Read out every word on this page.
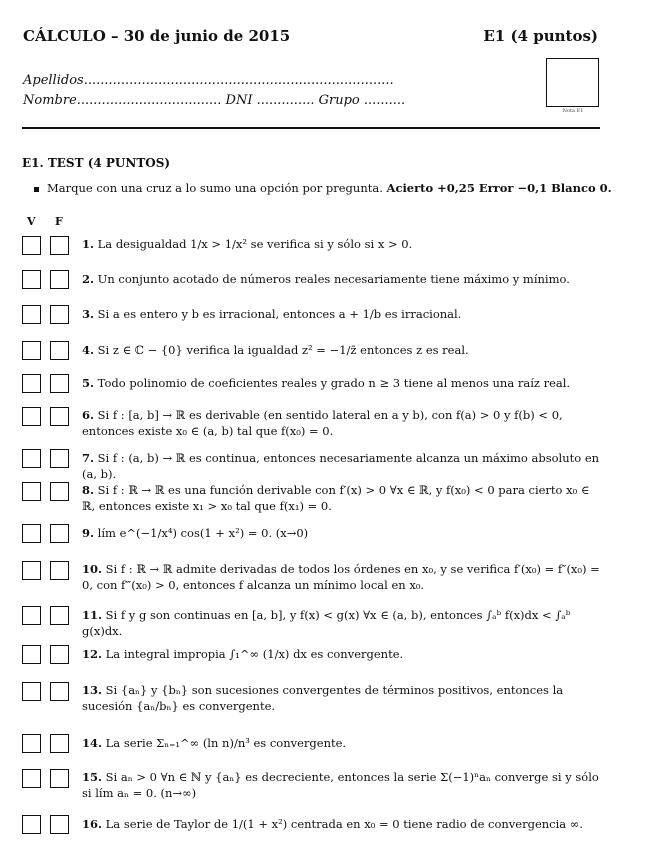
CÁLCULO – 30 de junio de 2015	E1 (4 puntos)
Apellidos...........................................................................
Nombre................................... DNI .............. Grupo ..........
Nota E1
E1. TEST (4 PUNTOS)
Marque con una cruz a lo sumo una opción por pregunta. Acierto +0,25 Error −0,1 Blanco 0.
V F
1. La desigualdad 1/x > 1/x² se verifica si y sólo si x > 0.
2. Un conjunto acotado de números reales necesariamente tiene máximo y mínimo.
3. Si a es entero y b es irracional, entonces a + 1/b es irracional.
4. Si z ∈ ℂ − {0} verifica la igualdad z² = −1/z̄ entonces z es real.
5. Todo polinomio de coeficientes reales y grado n ≥ 3 tiene al menos una raíz real.
6. Si f : [a, b] → ℝ es derivable (en sentido lateral en a y b), con f(a) > 0 y f(b) < 0, entonces existe x₀ ∈ (a, b) tal que f(x₀) = 0.
7. Si f : (a, b) → ℝ es continua, entonces necesariamente alcanza un máximo absoluto en (a, b).
8. Si f : ℝ → ℝ es una función derivable con f′(x) > 0 ∀x ∈ ℝ, y f(x₀) < 0 para cierto x₀ ∈ ℝ, entonces existe x₁ > x₀ tal que f(x₁) = 0.
9. lím e^(−1/x⁴) cos(1 + x²) = 0. (x→0)
10. Si f : ℝ → ℝ admite derivadas de todos los órdenes en x₀, y se verifica f′(x₀) = f″(x₀) = 0, con f‴(x₀) > 0, entonces f alcanza un mínimo local en x₀.
11. Si f y g son continuas en [a, b], y f(x) < g(x) ∀x ∈ (a, b), entonces ∫ₐᵇ f(x)dx < ∫ₐᵇ g(x)dx.
12. La integral impropia ∫₁^∞ (1/x) dx es convergente.
13. Si {aₙ} y {bₙ} son sucesiones convergentes de términos positivos, entonces la sucesión {aₙ/bₙ} es convergente.
14. La serie Σₙ₌₁^∞ (ln n)/n³ es convergente.
15. Si aₙ > 0 ∀n ∈ ℕ y {aₙ} es decreciente, entonces la serie Σ(−1)ⁿaₙ converge si y sólo si lím aₙ = 0. (n→∞)
16. La serie de Taylor de 1/(1 + x²) centrada en x₀ = 0 tiene radio de convergencia ∞.
